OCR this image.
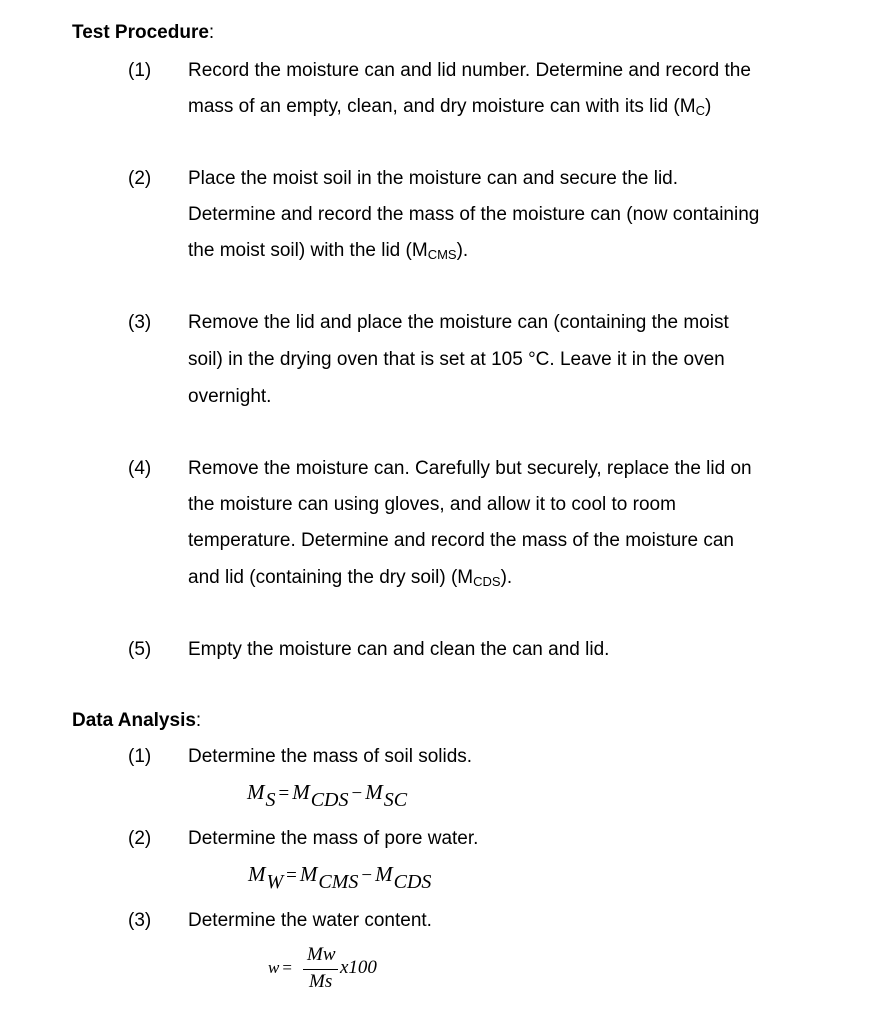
Test Procedure:
(1) Record the moisture can and lid number. Determine and record the
mass of an empty, clean, and dry moisture can with its lid $(M_C)$
(2) Place the moist soil in the moisture can and secure the lid.
Determine and record the mass of the moisture can (now containing
the moist soil) with the lid $(M_{CMS})$.
(3) Remove the lid and place the moisture can (containing the moist
soil) in the drying oven that is set at 105 °C. Leave it in the oven
overnight.
(4) Remove the moisture can. Carefully but securely, replace the lid on
the moisture can using gloves, and allow it to cool to room
temperature. Determine and record the mass of the moisture can
and lid (containing the dry soil) $(M_{CDS})$.
(5) Empty the moisture can and clean the can and lid.
Data Analysis:
(1) Determine the mass of soil solids.
MS = MCDS − MSC
(2) Determine the mass of pore water.
MW = MCMS − MCDS
(3) Determine the water content.
w =
Mw
Ms
x100
